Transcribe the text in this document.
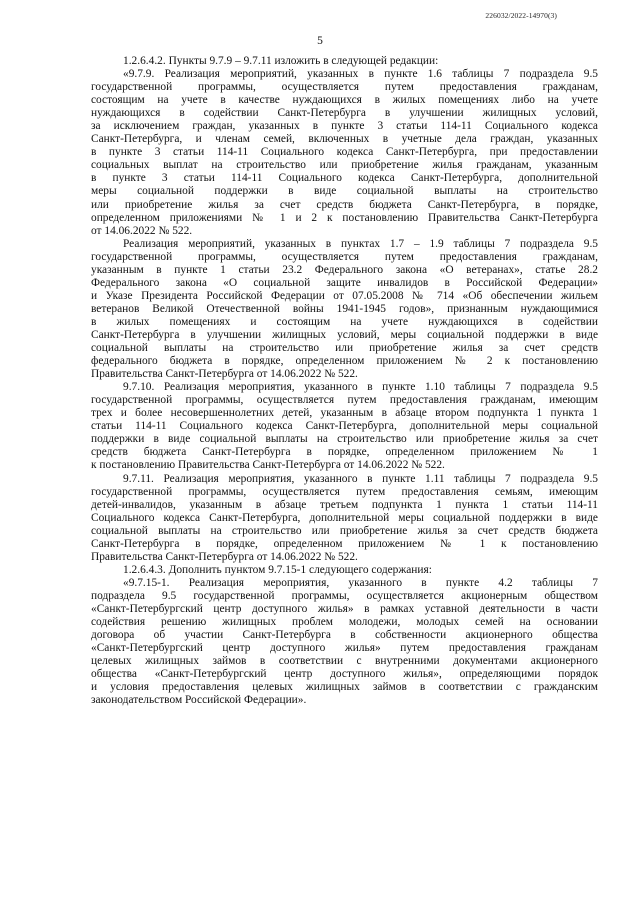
226032/2022-14970(3)
5
1.2.6.4.2. Пункты 9.7.9 – 9.7.11 изложить в следующей редакции:
«9.7.9. Реализация мероприятий, указанных в пункте 1.6 таблицы 7 подраздела 9.5
государственной программы, осуществляется путем предоставления гражданам,
состоящим на учете в качестве нуждающихся в жилых помещениях либо на учете
нуждающихся в содействии Санкт-Петербурга в улучшении жилищных условий,
за исключением граждан, указанных в пункте 3 статьи 114-11 Социального кодекса
Санкт-Петербурга, и членам семей, включенных в учетные дела граждан, указанных
в пункте 3 статьи 114-11 Социального кодекса Санкт-Петербурга, при предоставлении
социальных выплат на строительство или приобретение жилья гражданам, указанным
в пункте 3 статьи 114-11 Социального кодекса Санкт-Петербурга, дополнительной
меры социальной поддержки в виде социальной выплаты на строительство
или приобретение жилья за счет средств бюджета Санкт-Петербурга, в порядке,
определенном приложениями № 1 и 2 к постановлению Правительства Санкт-Петербурга
от 14.06.2022 № 522.
Реализация мероприятий, указанных в пунктах 1.7 – 1.9 таблицы 7 подраздела 9.5
государственной программы, осуществляется путем предоставления гражданам,
указанным в пункте 1 статьи 23.2 Федерального закона «О ветеранах», статье 28.2
Федерального закона «О социальной защите инвалидов в Российской Федерации»
и Указе Президента Российской Федерации от 07.05.2008 № 714 «Об обеспечении жильем
ветеранов Великой Отечественной войны 1941-1945 годов», признанным нуждающимися
в жилых помещениях и состоящим на учете нуждающихся в содействии
Санкт-Петербурга в улучшении жилищных условий, меры социальной поддержки в виде
социальной выплаты на строительство или приобретение жилья за счет средств
федерального бюджета в порядке, определенном приложением № 2 к постановлению
Правительства Санкт-Петербурга от 14.06.2022 № 522.
9.7.10. Реализация мероприятия, указанного в пункте 1.10 таблицы 7 подраздела 9.5
государственной программы, осуществляется путем предоставления гражданам, имеющим
трех и более несовершеннолетних детей, указанным в абзаце втором подпункта 1 пункта 1
статьи 114-11 Социального кодекса Санкт-Петербурга, дополнительной меры социальной
поддержки в виде социальной выплаты на строительство или приобретение жилья за счет
средств бюджета Санкт-Петербурга в порядке, определенном приложением № 1
к постановлению Правительства Санкт-Петербурга от 14.06.2022 № 522.
9.7.11. Реализация мероприятия, указанного в пункте 1.11 таблицы 7 подраздела 9.5
государственной программы, осуществляется путем предоставления семьям, имеющим
детей-инвалидов, указанным в абзаце третьем подпункта 1 пункта 1 статьи 114-11
Социального кодекса Санкт-Петербурга, дополнительной меры социальной поддержки в виде
социальной выплаты на строительство или приобретение жилья за счет средств бюджета
Санкт-Петербурга в порядке, определенном приложением № 1 к постановлению
Правительства Санкт-Петербурга от 14.06.2022 № 522.
1.2.6.4.3. Дополнить пунктом 9.7.15-1 следующего содержания:
«9.7.15-1. Реализация мероприятия, указанного в пункте 4.2 таблицы 7
подраздела 9.5 государственной программы, осуществляется акционерным обществом
«Санкт-Петербургский центр доступного жилья» в рамках уставной деятельности в части
содействия решению жилищных проблем молодежи, молодых семей на основании
договора об участии Санкт-Петербурга в собственности акционерного общества
«Санкт-Петербургский центр доступного жилья» путем предоставления гражданам
целевых жилищных займов в соответствии с внутренними документами акционерного
общества «Санкт-Петербургский центр доступного жилья», определяющими порядок
и условия предоставления целевых жилищных займов в соответствии с гражданским
законодательством Российской Федерации».
